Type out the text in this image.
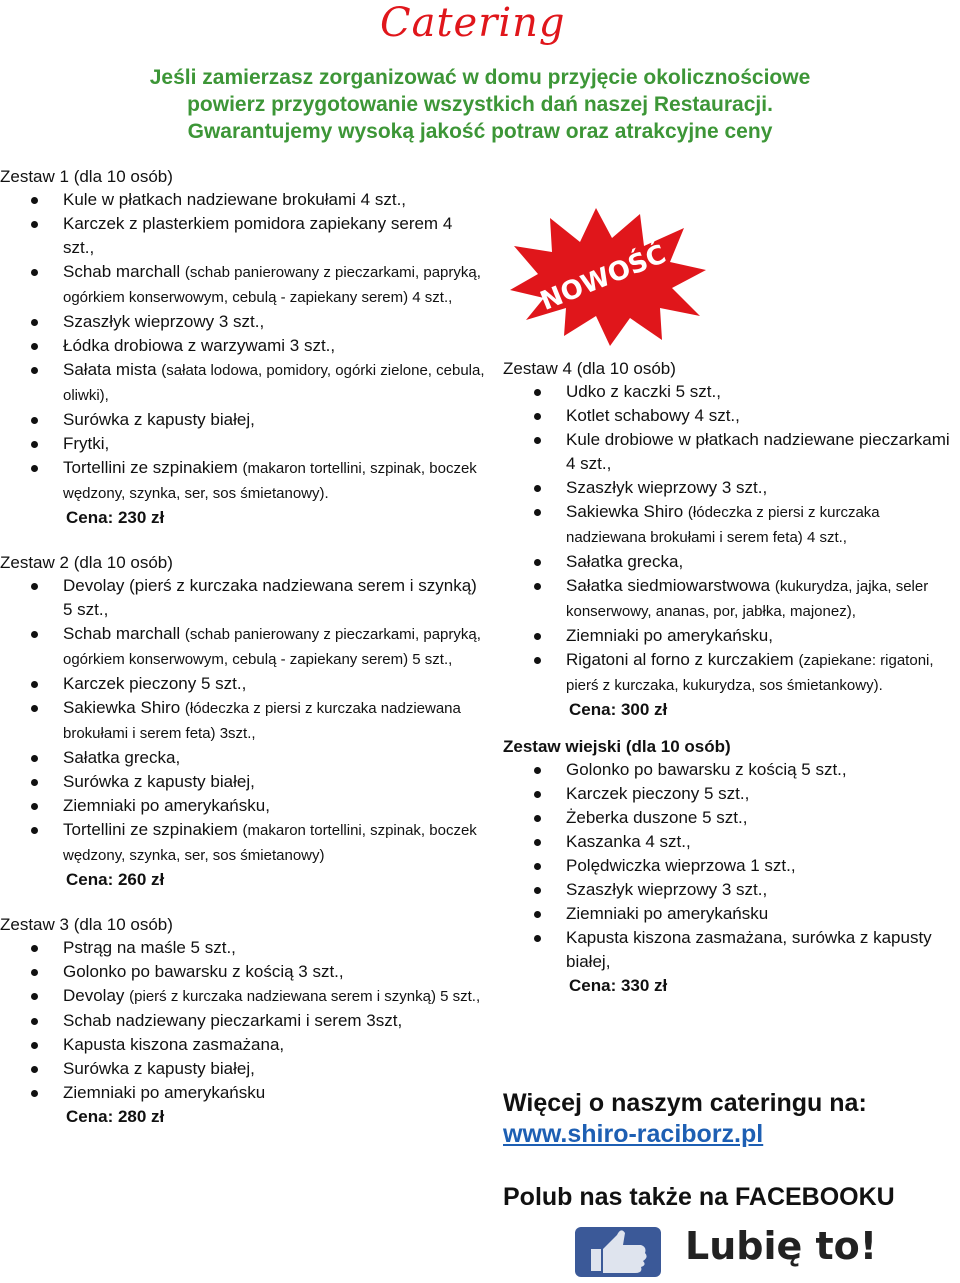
Catering
Jeśli zamierzasz zorganizować w domu przyjęcie okolicznościowe
powierz przygotowanie wszystkich dań naszej Restauracji.
Gwarantujemy wysoką jakość potraw oraz atrakcyjne ceny
Zestaw 1 (dla 10 osób)
Kule w płatkach nadziewane brokułami 4 szt.,
Karczek z plasterkiem pomidora zapiekany serem 4 szt.,
Schab marchall (schab panierowany z pieczarkami, papryką, ogórkiem konserwowym, cebulą - zapiekany serem) 4 szt.,
Szaszłyk wieprzowy 3 szt.,
Łódka drobiowa z warzywami 3 szt.,
Sałata mista (sałata lodowa, pomidory, ogórki zielone, cebula, oliwki),
Surówka z kapusty białej,
Frytki,
Tortellini ze szpinakiem (makaron tortellini, szpinak, boczek wędzony, szynka, ser, sos śmietanowy).
Cena: 230 zł
Zestaw 2 (dla 10 osób)
Devolay (pierś z kurczaka nadziewana serem i szynką) 5 szt.,
Schab marchall (schab panierowany z pieczarkami, papryką, ogórkiem konserwowym, cebulą - zapiekany serem) 5 szt.,
Karczek pieczony 5 szt.,
Sakiewka Shiro (łódeczka z piersi z kurczaka nadziewana brokułami i serem feta) 3szt.,
Sałatka grecka,
Surówka z kapusty białej,
Ziemniaki po amerykańsku,
Tortellini ze szpinakiem (makaron tortellini, szpinak, boczek wędzony, szynka, ser, sos śmietanowy)
Cena: 260 zł
Zestaw 3 (dla 10 osób)
Pstrąg na maśle 5 szt.,
Golonko po bawarsku z kością 3 szt.,
Devolay (pierś z kurczaka nadziewana serem i szynką) 5 szt.,
Schab nadziewany pieczarkami i serem 3szt,
Kapusta kiszona zasmażana,
Surówka z kapusty białej,
Ziemniaki po amerykańsku
Cena: 280 zł
Zestaw 4 (dla 10 osób)
Udko z kaczki 5 szt.,
Kotlet schabowy 4 szt.,
Kule drobiowe w płatkach nadziewane pieczarkami 4 szt.,
Szaszłyk wieprzowy 3 szt.,
Sakiewka Shiro (łódeczka z piersi z kurczaka nadziewana brokułami i serem feta) 4 szt.,
Sałatka grecka,
Sałatka siedmiowarstwowa (kukurydza, jajka, seler konserwowy, ananas, por, jabłka, majonez),
Ziemniaki po amerykańsku,
Rigatoni al forno z kurczakiem (zapiekane: rigatoni, pierś z kurczaka, kukurydza, sos śmietankowy).
Cena: 300 zł
Zestaw wiejski (dla 10 osób)
Golonko po bawarsku z kością 5 szt.,
Karczek pieczony 5 szt.,
Żeberka duszone 5 szt.,
Kaszanka 4 szt.,
Polędwiczka wieprzowa 1 szt.,
Szaszłyk wieprzowy 3 szt.,
Ziemniaki po amerykańsku
Kapusta kiszona zasmażana, surówka z kapusty białej,
Cena: 330 zł
NOWOŚĆ
Więcej o naszym cateringu na:
www.shiro-raciborz.pl
Polub nas także na FACEBOOKU
Lubię to!
